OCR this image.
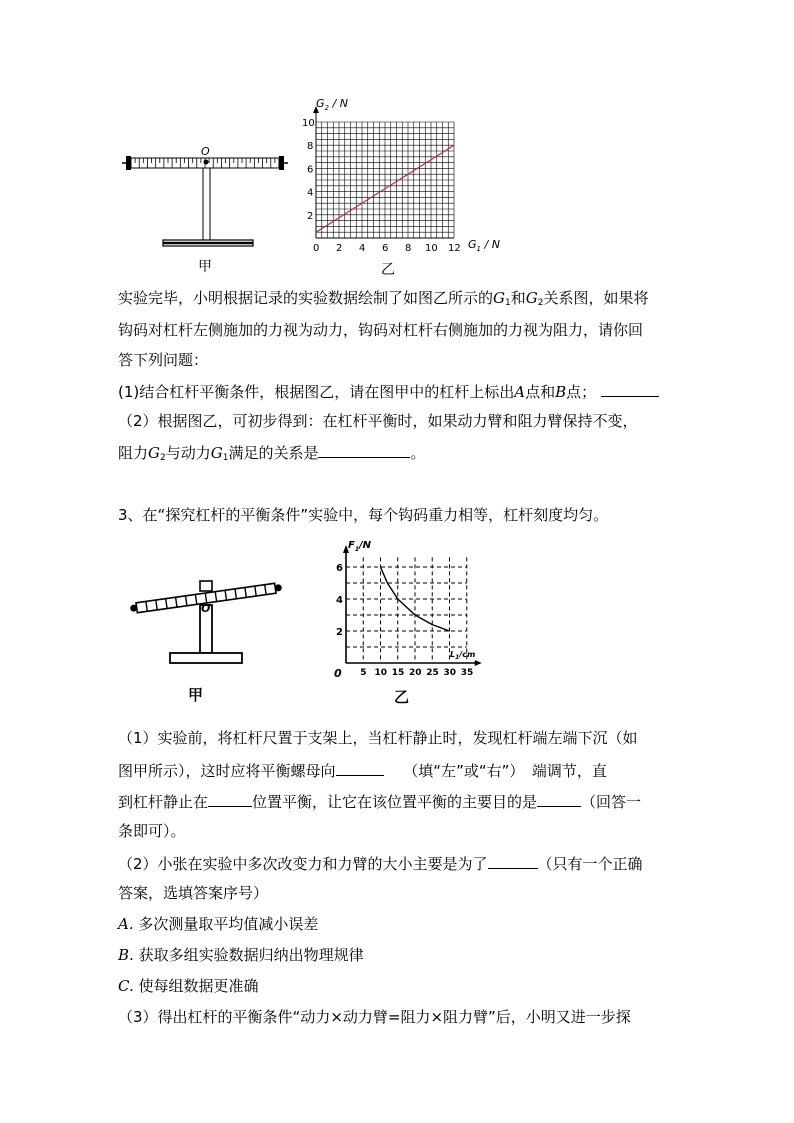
O
甲
0 2 4 6 8 10 12
2
4
6
8
10
$G_2$ / N
$G_1$ / N
乙
实验完毕，小明根据记录的实验数据绘制了如图乙所示的$G_1$和$G_2$关系图，如果将
钩码对杠杆左侧施加的力视为动力，钩码对杠杆右侧施加的力视为阻力，请你回
答下列问题：
(1)结合杠杆平衡条件，根据图乙，请在图甲中的杠杆上标出A点和B点；
（2）根据图乙，可初步得到：在杠杆平衡时，如果动力臂和阻力臂保持不变，
阻力$G_2$与动力$G_1$满足的关系是	。
3、在“探究杠杆的平衡条件”实验中，每个钩码重力相等，杠杆刻度均匀。
O
甲
0 5 10 15 20 25 30 35
2
4
6
$F_1/N$
$L_1/cm$
乙
（1）实验前，将杠杆尺置于支架上，当杠杆静止时，发现杠杆端左端下沉（如
图甲所示），这时应将平衡螺母向　	（填“左”或“右”）　端调节，直
到杠杆静止在	位置平衡，让它在该位置平衡的主要目的是	（回答一
条即可）。
（2）小张在实验中多次改变力和力臂的大小主要是为了	（只有一个正确
答案，选填答案序号）
A. 多次测量取平均值减小误差
B. 获取多组实验数据归纳出物理规律
C. 使每组数据更准确
（3）得出杠杆的平衡条件“动力×动力臂=阻力×阻力臂”后，小明又进一步探
